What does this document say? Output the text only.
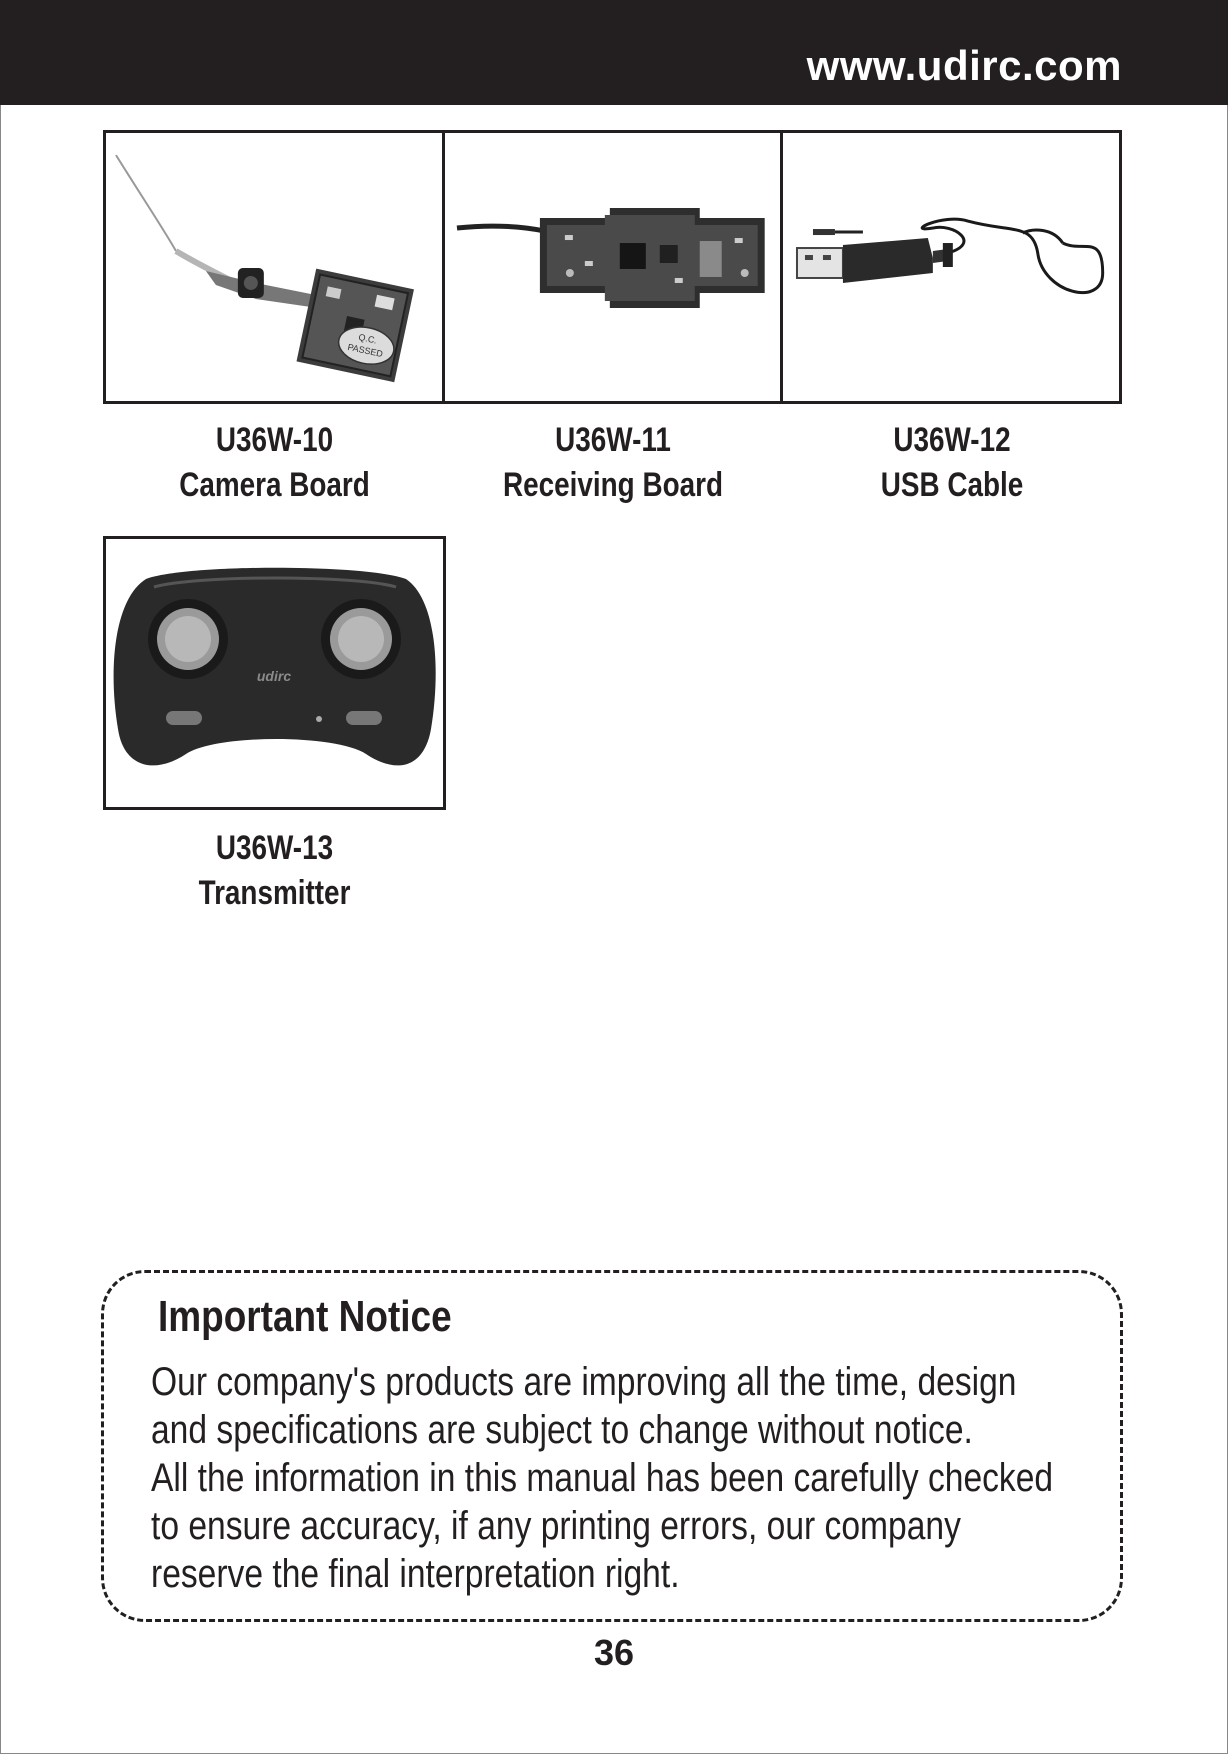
www.udirc.com
Q.C.
PASSED
U36W-10
Camera Board
U36W-11
Receiving Board
U36W-12
USB Cable
udirc
U36W-13
Transmitter
Important Notice
Our company's products are improving all the time, design
and specifications are subject to change without notice.
All the information in this manual has been carefully checked
to ensure accuracy, if any printing errors, our company
reserve the final interpretation right.
36
